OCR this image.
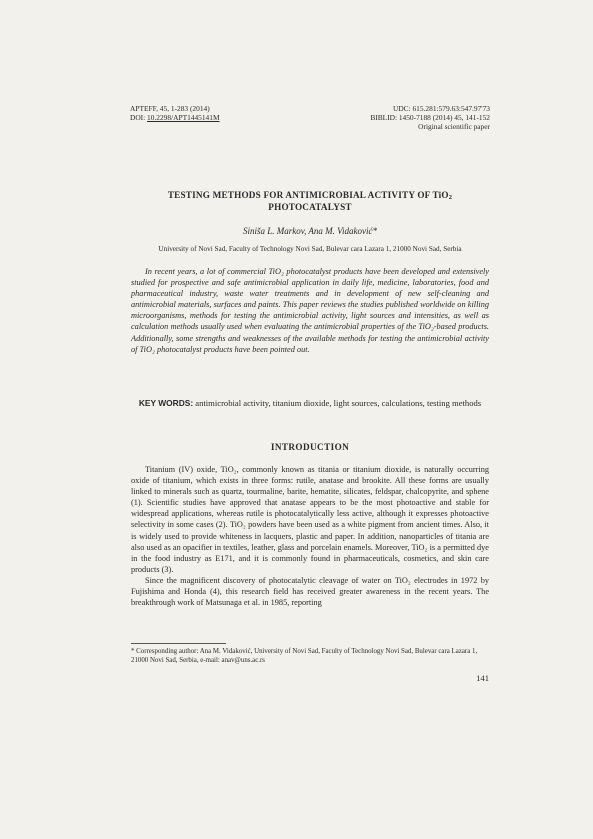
APTEFF, 45, 1-283 (2014)
DOI: 10.2298/APT1445141M
UDC: 615.281:579.63:547.97'73
BIBLID: 1450-7188 (2014) 45, 141-152
Original scientific paper
TESTING METHODS FOR ANTIMICROBIAL ACTIVITY OF TiO$_2$
PHOTOCATALYST
Siniša L. Markov, Ana M. Vidaković*
University of Novi Sad, Faculty of Technology Novi Sad, Bulevar cara Lazara 1, 21000 Novi Sad, Serbia
In recent years, a lot of commercial TiO₂ photocatalyst products have been developed and extensively studied for prospective and safe antimicrobial application in daily life, medicine, laboratories, food and pharmaceutical industry, waste water treatments and in development of new self-cleaning and antimicrobial materials, surfaces and paints. This paper reviews the studies published worldwide on killing microorganisms, methods for testing the antimicrobial activity, light sources and intensities, as well as calculation methods usually used when evaluating the antimicrobial properties of the TiO₂-based products. Additionally, some strengths and weaknesses of the available methods for testing the antimicrobial activity of TiO₂ photocatalyst products have been pointed out.
KEY WORDS: antimicrobial activity, titanium dioxide, light sources, calculations, testing methods
INTRODUCTION

Titanium (IV) oxide, TiO₂, commonly known as titania or titanium dioxide, is naturally occurring oxide of titanium, which exists in three forms: rutile, anatase and brookite. All these forms are usually linked to minerals such as quartz, tourmaline, barite, hematite, silicates, feldspar, chalcopyrite, and sphene (1). Scientific studies have approved that anatase appears to be the most photoactive and stable for widespread applications, whereas rutile is photocatalytically less active, although it expresses photoactive selectivity in some cases (2). TiO₂ powders have been used as a white pigment from ancient times. Also, it is widely used to provide whiteness in lacquers, plastic and paper. In addition, nanoparticles of titania are also used as an opacifier in textiles, leather, glass and porcelain enamels. Moreover, TiO₂ is a permitted dye in the food industry as E171, and it is commonly found in pharmaceuticals, cosmetics, and skin care products (3).

Since the magnificent discovery of photocatalytic cleavage of water on TiO₂ electrodes in 1972 by Fujishima and Honda (4), this research field has received greater awareness in the recent years. The breakthrough work of Matsunaga et al. in 1985, reporting

* Corresponding author: Ana M. Vidaković, University of Novi Sad, Faculty of Technology Novi Sad, Bulevar cara Lazara 1, 21000 Novi Sad, Serbia, e-mail: anav@uns.ac.rs
141
